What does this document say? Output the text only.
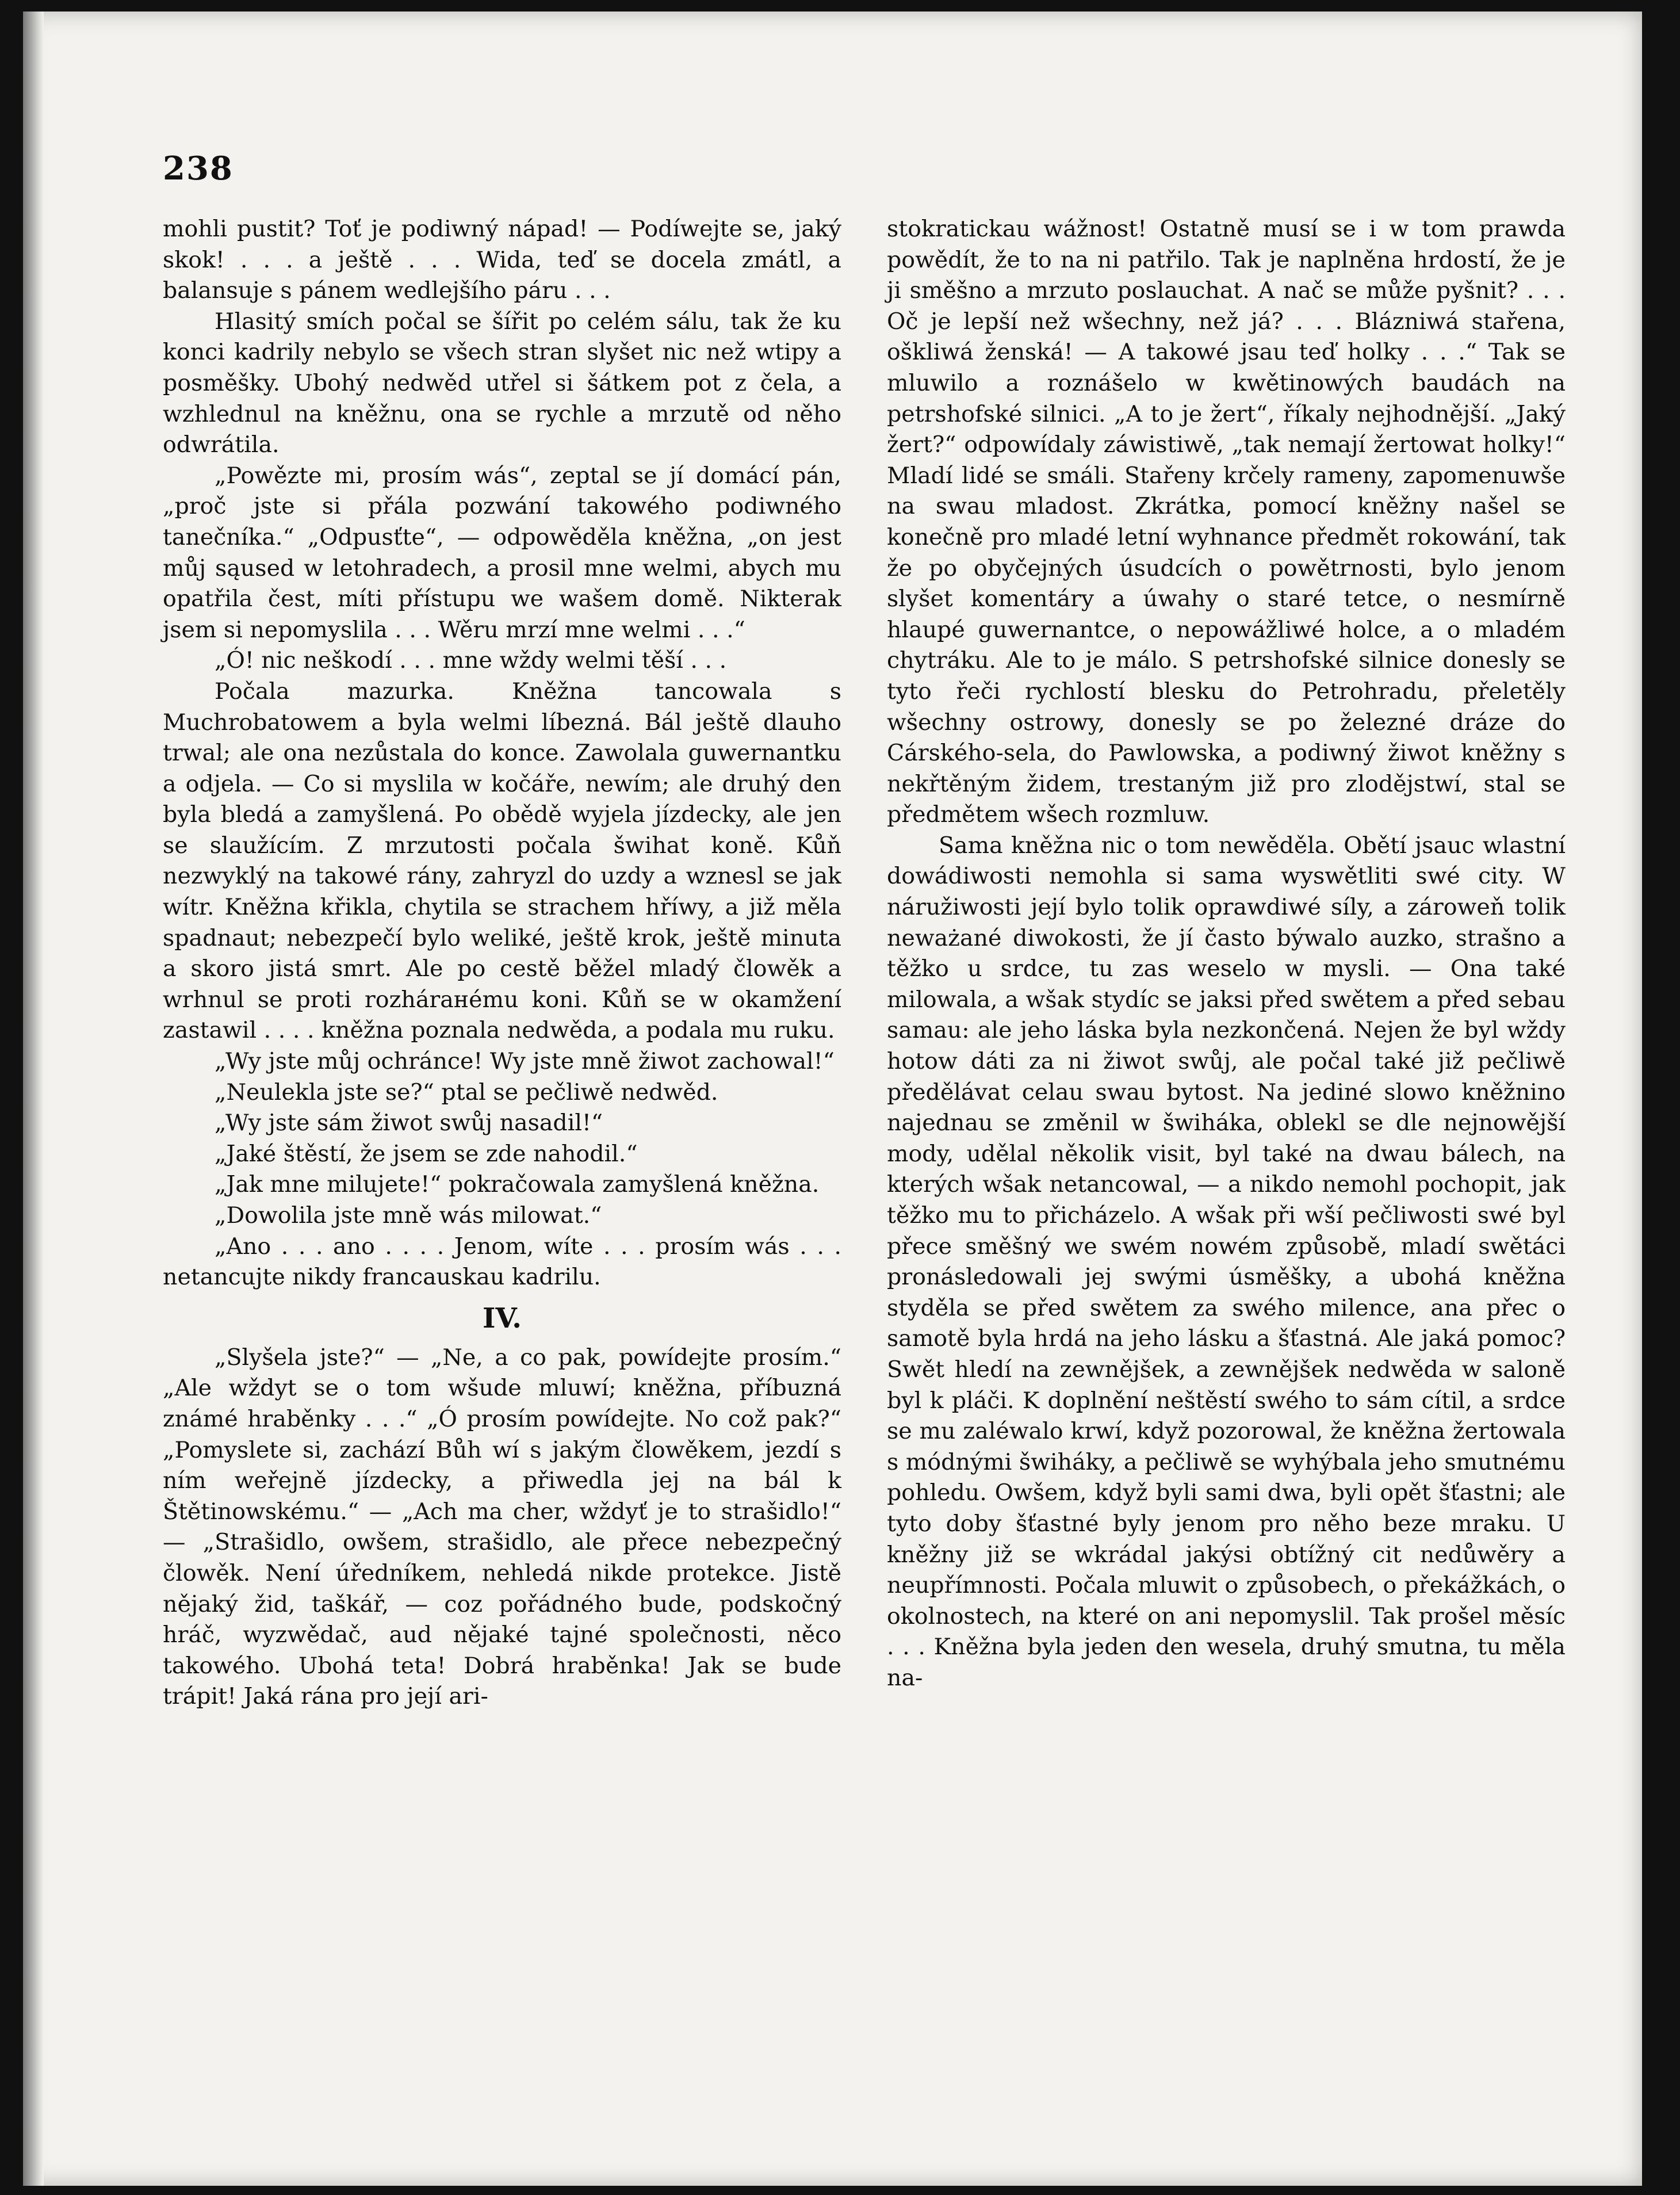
238

mohli pustit? Toť je podiwný nápad! — Podíwejte se, jaký skok! . . . a ještě . . . Wida, teď se docela zmátl, a balansuje s pánem wedlejšího páru . . .

Hlasitý smích počal se šířit po celém sálu, tak že ku konci kadrily nebylo se všech stran slyšet nic než wtipy a posměšky. Ubohý nedwěd utřel si šátkem pot z čela, a wzhlednul na kněžnu, ona se rychle a mrzutě od něho odwrátila.

„Powězte mi, prosím wás“, zeptal se jí domácí pán, „proč jste si přála pozwání takowého podiwného tanečníka.“ „Odpusťte“, — odpowěděla kněžna, „on jest můj sąused w letohradech, a prosil mne welmi, abych mu opatřila čest, míti přístupu we wašem domě. Nikterak jsem si nepomyslila . . . Wěru mrzí mne welmi . . .“

„Ó! nic neškodí . . . mne wždy welmi těší . . .

Počala mazurka. Kněžna tancowala s Muchrobatowem a byla welmi líbezná. Bál ještě dlauho trwal; ale ona nezůstala do konce. Zawolala guwernantku a odjela. — Co si myslila w kočáře, newím; ale druhý den byla bledá a zamyšlená. Po obědě wyjela jízdecky, ale jen se slaužícím. Z mrzutosti počala šwihat koně. Kůň nezwyklý na takowé rány, zahryzl do uzdy a wznesl se jak wítr. Kněžna křikla, chytila se strachem hříwy, a již měla spadnaut; nebezpečí bylo weliké, ještě krok, ještě minuta a skoro jistá smrt. Ale po cestě běžel mladý člowěk a wrhnul se proti rozhárанému koni. Kůň se w okamžení zastawil . . . . kněžna poznala nedwěda, a podala mu ruku.

„Wy jste můj ochránce! Wy jste mně žiwot zachowal!“

„Neulekla jste se?“ ptal se pečliwě nedwěd.

„Wy jste sám žiwot swůj nasadil!“

„Jaké štěstí, že jsem se zde nahodil.“

„Jak mne milujete!“ pokračowala zamyšlená kněžna.

„Dowolila jste mně wás milowat.“

„Ano . . . ano . . . . Jenom, wíte . . . prosím wás . . . netancujte nikdy francauskau kadrilu.

IV.

„Slyšela jste?“ — „Ne, a co pak, powídejte prosím.“ „Ale wždyt se o tom wšude mluwí; kněžna, příbuzná známé hraběnky . . .“ „Ó prosím powídejte. No což pak?“ „Pomyslete si, zachází Bůh wí s jakým člowěkem, jezdí s ním weřejně jízdecky, a přiwedla jej na bál k Štětinowskému.“ — „Ach ma cher, wždyť je to strašidlo!“ — „Strašidlo, owšem, strašidlo, ale přece nebezpečný člowěk. Není úředníkem, nehledá nikde protekce. Jistě nějaký žid, taškář, — coz pořádného bude, podskočný hráč, wyzwědač, aud nějaké tajné společnosti, něco takowého. Ubohá teta! Dobrá hraběnka! Jak se bude trápit! Jaká rána pro její ari-

stokratickau wážnost! Ostatně musí se i w tom prawda powědít, že to na ni patřilo. Tak je naplněna hrdostí, že je ji směšno a mrzuto poslauchat. A nač se může pyšnit? . . . Oč je lepší než wšechny, než já? . . . Bláznіwá stařena, ošklіwá ženská! — A takowé jsau teď holky . . .“ Tak se mluwilo a roznášelo w kwětinowých baudách na petrshofské silnici. „A to je žert“, říkaly nejhodnější. „Jaký žert?“ odpowídaly záwistiwě, „tak nemají žertowat holky!“ Mladí lidé se smáli. Stařeny krčely rameny, zapomenuwše na swau mladost. Zkrátka, pomocí kněžny našel se konečně pro mladé letní wyhnance předmět rokowání, tak že po obyčejných úsudcích o powětrnosti, bylo jenom slyšet komentáry a úwahy o staré tetce, o nesmírně hlaupé guwernantce, o nepowážliwé holce, a o mladém chytráku. Ale to je málo. S petrshofské silnice donesly se tyto řeči rychlostí blesku do Petrohradu, přeletěly wšechny ostrowy, donesly se po železné dráze do Cárského-sela, do Pawlowska, a podiwný žiwot kněžny s nekřtěným židem, trestaným již pro zlodějstwí, stal se předmětem wšech rozmluw.

Sama kněžna nic o tom newěděla. Obětí jsauc wlastní dowádiwosti nemohla si sama wyswětliti swé city. W náružiwosti její bylo tolik oprawdiwé síly, a zárowеň tolik neważané diwokosti, že jí často býwalo auzko, strašno a těžko u srdce, tu zas weselo w mysli. — Ona také milowala, a wšak stydíc se jaksi před swětem a před sebau samau: ale jeho láska byla nezkončená. Nejen že byl wždy hotow dáti za ni žiwot swůj, ale počal také již pečliwě předělávat celau swau bytost. Na jediné slowo kněžnino najednau se změnil w šwiháka, oblekl se dle nejnowější mody, udělal několik visit, byl také na dwau bálech, na kterých wšak netancowal, — a nikdo nemohl pochopit, jak těžko mu to přicházelo. A wšak při wší pečliwosti swé byl přece směšný we swém nowém způsobě, mladí swětáci pronásledowali jej swými úsměšky, a ubohá kněžna styděla se před swětem za swého milence, ana přec o samotě byla hrdá na jeho lásku a šťastná. Ale jaká pomoc? Swět hledí na zewnějšek, a zewnějšek nedwěda w saloně byl k pláči. K doplnění neštěstí swého to sám cítil, a srdce se mu zaléwalo krwí, když pozorowal, že kněžna žertowala s módnými šwiháky, a pečliwě se wyhýbala jeho smutnému pohledu. Owšem, když byli sami dwa, byli opět šťastni; ale tyto doby šťastné byly jenom pro něho beze mraku. U kněžny již se wkrádal jakýsi obtížný cit nedůwěry a neupřímnosti. Počala mluwit o způsobech, o překážkách, o okolnostech, na které on ani nepomyslil. Tak prošel měsíc . . . Kněžna byla jeden den wesela, druhý smutna, tu měla na-
